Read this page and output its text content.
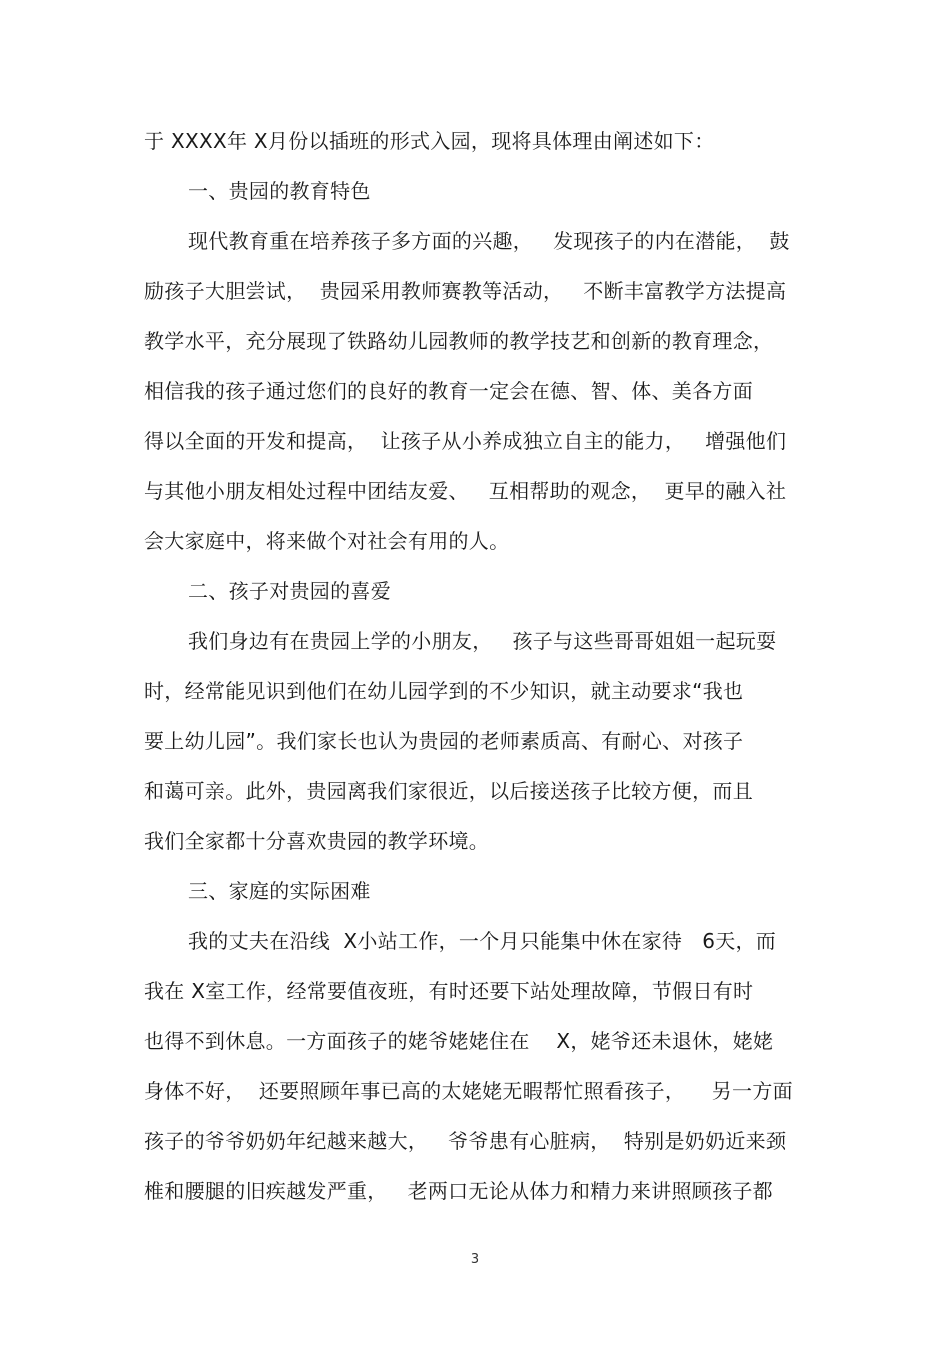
于 XXXX年 X月份以插班的形式入园，现将具体理由阐述如下：
一、贵园的教育特色
现代教育重在培养孩子多方面的兴趣，   发现孩子的内在潜能，  鼓
励孩子大胆尝试，  贵园采用教师赛教等活动，   不断丰富教学方法提高
教学水平，充分展现了铁路幼儿园教师的教学技艺和创新的教育理念，
相信我的孩子通过您们的良好的教育一定会在德、智、体、美各方面
得以全面的开发和提高，  让孩子从小养成独立自主的能力，   增强他们
与其他小朋友相处过程中团结友爱、   互相帮助的观念，  更早的融入社
会大家庭中，将来做个对社会有用的人。
二、孩子对贵园的喜爱
我们身边有在贵园上学的小朋友，   孩子与这些哥哥姐姐一起玩耍
时，经常能见识到他们在幼儿园学到的不少知识，就主动要求“我也
要上幼儿园”。我们家长也认为贵园的老师素质高、有耐心、对孩子
和蔼可亲。此外，贵园离我们家很近，以后接送孩子比较方便，而且
我们全家都十分喜欢贵园的教学环境。
三、家庭的实际困难
我的丈夫在沿线  X小站工作，一个月只能集中休在家待   6天，而
我在 X室工作，经常要值夜班，有时还要下站处理故障，节假日有时
也得不到休息。一方面孩子的姥爷姥姥住在    X，姥爷还未退休，姥姥
身体不好，  还要照顾年事已高的太姥姥无暇帮忙照看孩子，    另一方面
孩子的爷爷奶奶年纪越来越大，   爷爷患有心脏病，  特别是奶奶近来颈
椎和腰腿的旧疾越发严重，   老两口无论从体力和精力来讲照顾孩子都
3
